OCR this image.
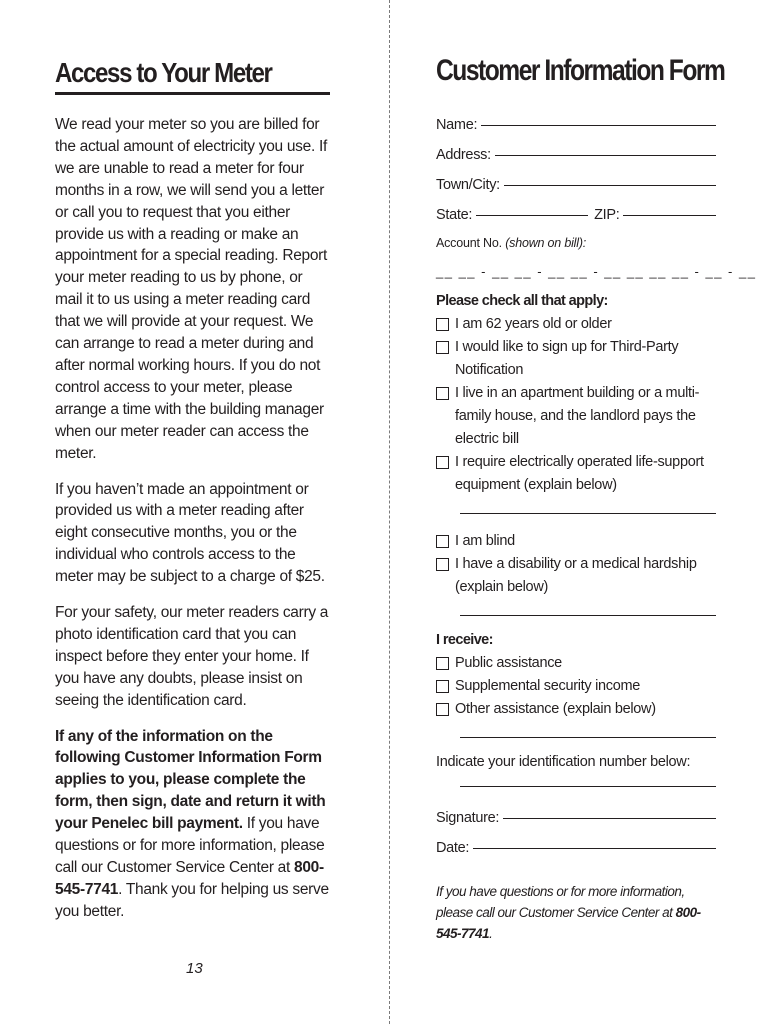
Access to Your Meter

We read your meter so you are billed for the actual amount of electricity you use. If we are unable to read a meter for four months in a row, we will send you a letter or call you to request that you either provide us with a reading or make an appointment for a special reading. Report your meter reading to us by phone, or mail it to us using a meter reading card that we will provide at your request. We can arrange to read a meter during and after normal working hours. If you do not control access to your meter, please arrange a time with the building manager when our meter reader can access the meter.

If you haven’t made an appointment or provided us with a meter reading after eight consecutive months, you or the individual who controls access to the meter may be subject to a charge of $25.

For your safety, our meter readers carry a photo identification card that you can inspect before they enter your home. If you have any doubts, please insist on seeing the identification card.

If any of the information on the following Customer Information Form applies to you, please complete the form, then sign, date and return it with your Penelec bill payment. If you have questions or for more information, please call our Customer Service Center at 800-545-7741. Thank you for helping us serve you better.

13
Customer Information Form
Name:
Address:
Town/City:
State:	ZIP:
Account No. (shown on bill):
__ __ - __ __ - __ __ - __ __ __ __ - __ - __
Please check all that apply:
I am 62 years old or older
I would like to sign up for Third-Party Notification
I live in an apartment building or a multi-family house, and the landlord pays the electric bill
I require electrically operated life-support equipment (explain below)
I am blind
I have a disability or a medical hardship (explain below)
I receive:
Public assistance
Supplemental security income
Other assistance (explain below)
Indicate your identification number below:
Signature:
Date:
If you have questions or for more information, please call our Customer Service Center at 800-545-7741.
